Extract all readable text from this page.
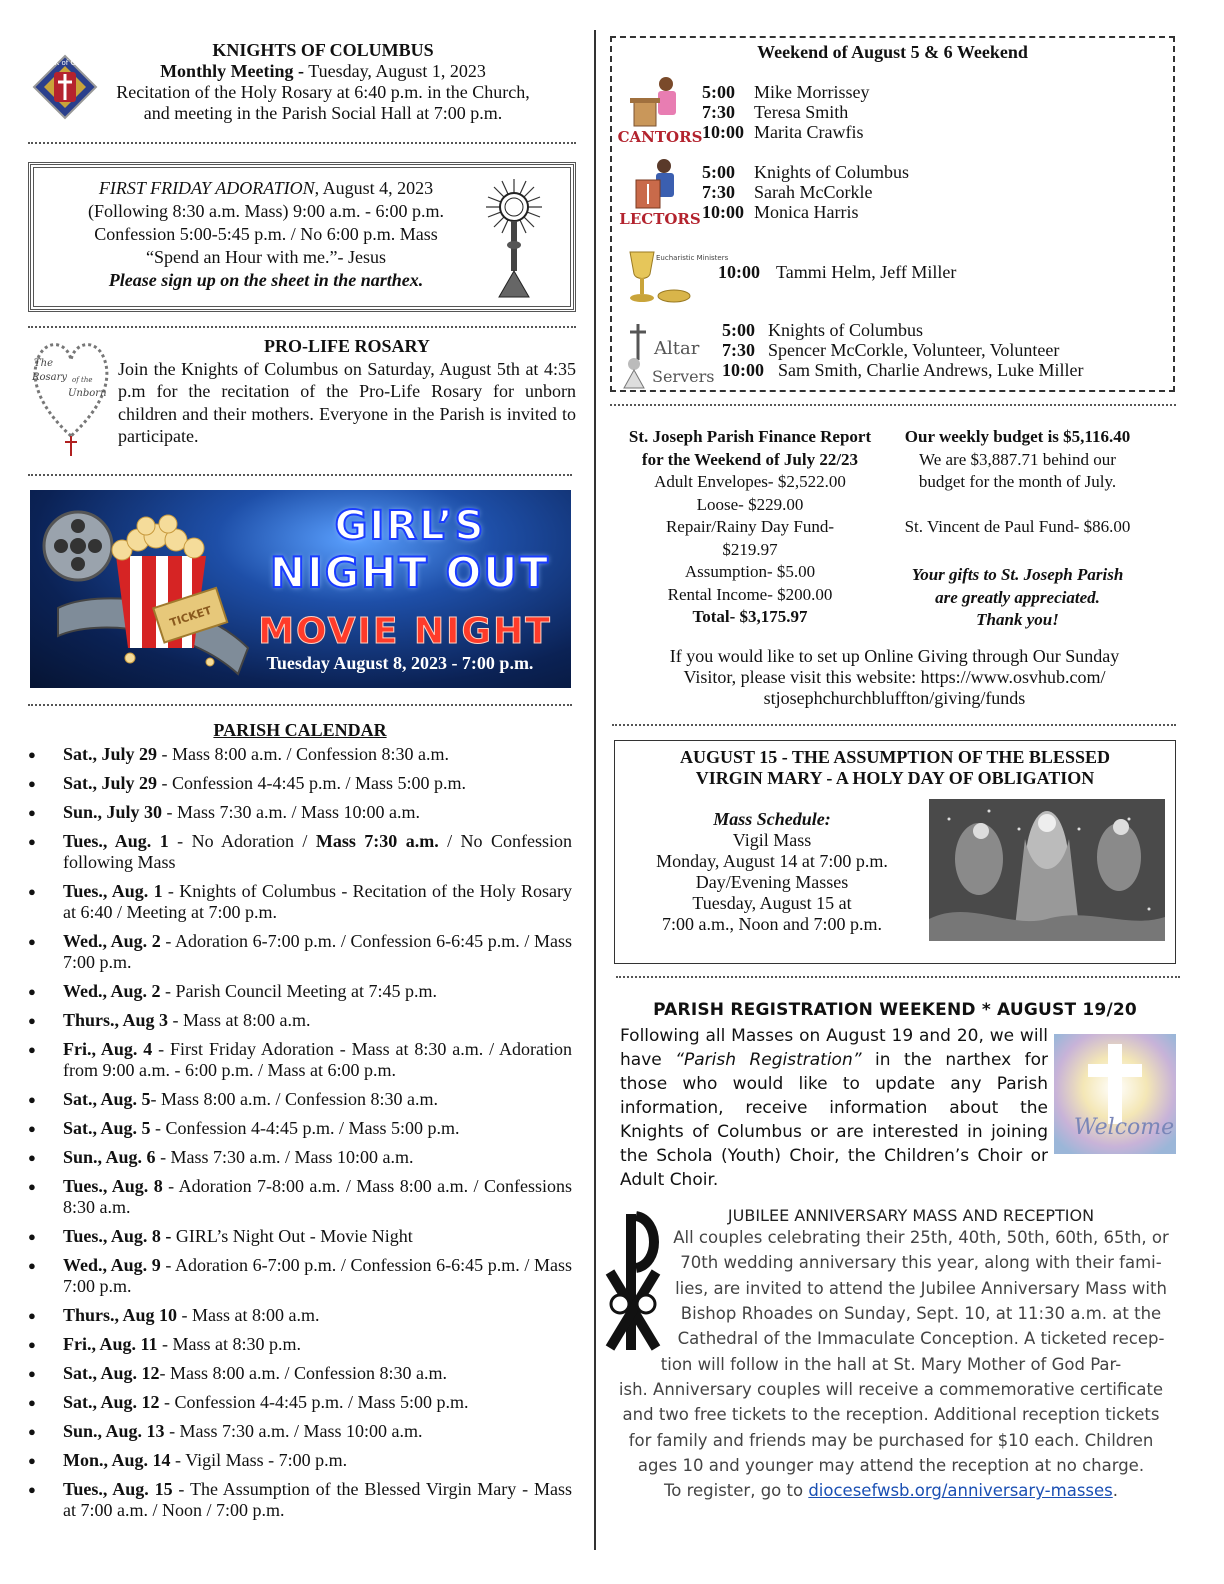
K of C
KNIGHTS OF COLUMBUS
Monthly Meeting - Tuesday, August 1, 2023
Recitation of the Holy Rosary at 6:40 p.m. in the Church,
and meeting in the Parish Social Hall at 7:00 p.m.
FIRST FRIDAY ADORATION, August 4, 2023
(Following 8:30 a.m. Mass) 9:00 a.m. - 6:00 p.m.
Confession 5:00-5:45 p.m. / No 6:00 p.m. Mass
“Spend an Hour with me.”- Jesus
Please sign up on the sheet in the narthex.
The
Rosary of the
Unborn
PRO-LIFE ROSARY
Join the Knights of Columbus on Saturday, August 5th at 4:35 p.m for the recitation of the Pro-Life Rosary for unborn children and their mothers. Everyone in the Parish is invited to participate.
TICKET
GIRL’S
NIGHT OUT
MOVIE NIGHT
Tuesday August 8, 2023 - 7:00 p.m.
PARISH CALENDAR
● Sat., July 29 - Mass 8:00 a.m. / Confession 8:30 a.m.
● Sat., July 29 - Confession 4-4:45 p.m. / Mass 5:00 p.m.
● Sun., July 30 - Mass 7:30 a.m. / Mass 10:00 a.m.
● Tues., Aug. 1 - No Adoration / Mass 7:30 a.m. / No Confession following Mass
● Tues., Aug. 1 - Knights of Columbus - Recitation of the Holy Rosary at 6:40 / Meeting at 7:00 p.m.
● Wed., Aug. 2 - Adoration 6-7:00 p.m. / Confession 6-6:45 p.m. / Mass 7:00 p.m.
● Wed., Aug. 2 - Parish Council Meeting at 7:45 p.m.
● Thurs., Aug 3 - Mass at 8:00 a.m.
● Fri., Aug. 4 - First Friday Adoration - Mass at 8:30 a.m. / Adoration from 9:00 a.m. - 6:00 p.m. / Mass at 6:00 p.m.
● Sat., Aug. 5- Mass 8:00 a.m. / Confession 8:30 a.m.
● Sat., Aug. 5 - Confession 4-4:45 p.m. / Mass 5:00 p.m.
● Sun., Aug. 6 - Mass 7:30 a.m. / Mass 10:00 a.m.
● Tues., Aug. 8 - Adoration 7-8:00 a.m. / Mass 8:00 a.m. / Confessions 8:30 a.m.
● Tues., Aug. 8 - GIRL’s Night Out - Movie Night
● Wed., Aug. 9 - Adoration 6-7:00 p.m. / Confession 6-6:45 p.m. / Mass 7:00 p.m.
● Thurs., Aug 10 - Mass at 8:00 a.m.
● Fri., Aug. 11 - Mass at 8:30 p.m.
● Sat., Aug. 12- Mass 8:00 a.m. / Confession 8:30 a.m.
● Sat., Aug. 12 - Confession 4-4:45 p.m. / Mass 5:00 p.m.
● Sun., Aug. 13 - Mass 7:30 a.m. / Mass 10:00 a.m.
● Mon., Aug. 14 - Vigil Mass - 7:00 p.m.
● Tues., Aug. 15 - The Assumption of the Blessed Virgin Mary - Mass at 7:00 a.m. / Noon / 7:00 p.m.
Weekend of August 5 & 6 Weekend
CANTORS
5:00 Mike Morrissey
7:30 Teresa Smith
10:00 Marita Crawfis
LECTORS
5:00 Knights of Columbus
7:30 Sarah McCorkle
10:00 Monica Harris
Eucharistic Ministers
10:00 Tammi Helm, Jeff Miller
Altar
Servers
5:00 Knights of Columbus
7:30 Spencer McCorkle, Volunteer, Volunteer
10:00 Sam Smith, Charlie Andrews, Luke Miller
St. Joseph Parish Finance Report
for the Weekend of July 22/23
Adult Envelopes- $2,522.00
Loose- $229.00
Repair/Rainy Day Fund-
$219.97
Assumption- $5.00
Rental Income- $200.00
Total- $3,175.97
Our weekly budget is $5,116.40
We are $3,887.71 behind our
budget for the month of July.
St. Vincent de Paul Fund- $86.00
Your gifts to St. Joseph Parish
are greatly appreciated.
Thank you!
If you would like to set up Online Giving through Our Sunday
Visitor, please visit this website: https://www.osvhub.com/
stjosephchurchbluffton/giving/funds
AUGUST 15 - THE ASSUMPTION OF THE BLESSED
VIRGIN MARY - A HOLY DAY OF OBLIGATION
Mass Schedule:
Vigil Mass
Monday, August 14 at 7:00 p.m.
Day/Evening Masses
Tuesday, August 15 at
7:00 a.m., Noon and 7:00 p.m.
PARISH REGISTRATION WEEKEND * AUGUST 19/20
Following all Masses on August 19 and 20, we will have “Parish Registration” in the narthex for those who would like to update any Parish information, receive information about the Knights of Columbus or are interested in joining the Schola (Youth) Choir, the Children’s Choir or Adult Choir.
Welcome
JUBILEE ANNIVERSARY MASS AND RECEPTION
All couples celebrating their 25th, 40th, 50th, 60th, 65th, or
70th wedding anniversary this year, along with their fami-
lies, are invited to attend the Jubilee Anniversary Mass with
Bishop Rhoades on Sunday, Sept. 10, at 11:30 a.m. at the
Cathedral of the Immaculate Conception. A ticketed recep-
tion will follow in the hall at St. Mary Mother of God Par-
ish. Anniversary couples will receive a commemorative certificate
and two free tickets to the reception. Additional reception tickets
for family and friends may be purchased for $10 each. Children
ages 10 and younger may attend the reception at no charge.
To register, go to diocesefwsb.org/anniversary-masses.
